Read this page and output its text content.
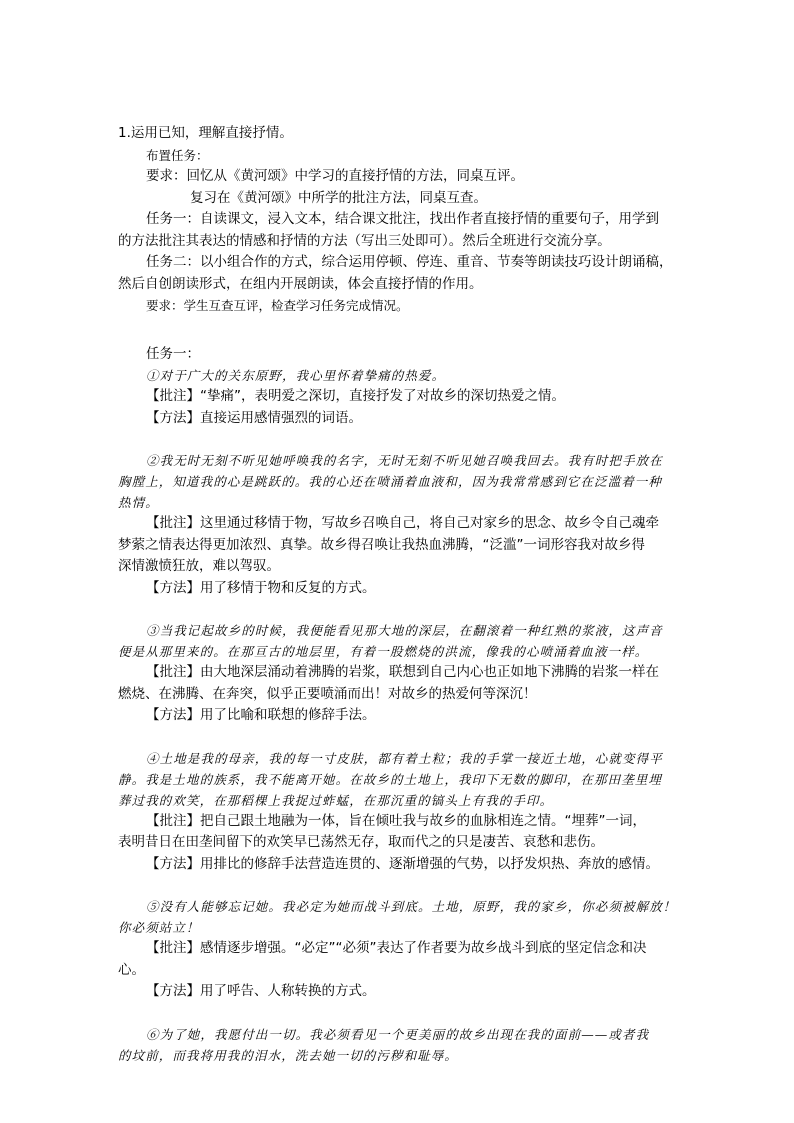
1.运用已知，理解直接抒情。

布置任务：

要求：回忆从《黄河颂》中学习的直接抒情的方法，同桌互评。

复习在《黄河颂》中所学的批注方法，同桌互查。

任务一：自读课文，浸入文本，结合课文批注，找出作者直接抒情的重要句子，用学到

的方法批注其表达的情感和抒情的方法（写出三处即可）。然后全班进行交流分享。

任务二：以小组合作的方式，综合运用停顿、停连、重音、节奏等朗读技巧设计朗诵稿，

然后自创朗读形式，在组内开展朗读，体会直接抒情的作用。

要求：学生互查互评，检查学习任务完成情况。

任务一：

①对于广大的关东原野，我心里怀着挚痛的热爱。

【批注】“挚痛”，表明爱之深切，直接抒发了对故乡的深切热爱之情。

【方法】直接运用感情强烈的词语。

②我无时无刻不听见她呼唤我的名字，无时无刻不听见她召唤我回去。我有时把手放在

胸膛上，知道我的心是跳跃的。我的心还在喷涌着血液和，因为我常常感到它在泛滥着一种

热情。

【批注】这里通过移情于物，写故乡召唤自己，将自己对家乡的思念、故乡令自己魂牵

梦萦之情表达得更加浓烈、真挚。故乡得召唤让我热血沸腾，“泛滥”一词形容我对故乡得

深情激愤狂放，难以驾驭。

【方法】用了移情于物和反复的方式。

③当我记起故乡的时候，我便能看见那大地的深层，在翻滚着一种红熟的浆液，这声音

便是从那里来的。在那亘古的地层里，有着一股燃烧的洪流，像我的心喷涌着血液一样。

【批注】由大地深层涌动着沸腾的岩浆，联想到自己内心也正如地下沸腾的岩浆一样在

燃烧、在沸腾、在奔突，似乎正要喷涌而出！对故乡的热爱何等深沉！

【方法】用了比喻和联想的修辞手法。

④土地是我的母亲，我的每一寸皮肤，都有着土粒；我的手掌一接近土地，心就变得平

静。我是土地的族系，我不能离开她。在故乡的土地上，我印下无数的脚印，在那田垄里埋

葬过我的欢笑，在那稻棵上我捉过蚱蜢，在那沉重的镐头上有我的手印。

【批注】把自己跟土地融为一体，旨在倾吐我与故乡的血脉相连之情。“埋葬”一词，

表明昔日在田垄间留下的欢笑早已荡然无存，取而代之的只是凄苦、哀愁和悲伤。

【方法】用排比的修辞手法营造连贯的、逐渐增强的气势，以抒发炽热、奔放的感情。

⑤没有人能够忘记她。我必定为她而战斗到底。土地，原野，我的家乡，你必须被解放！

你必须站立！

【批注】感情逐步增强。“必定”“必须”表达了作者要为故乡战斗到底的坚定信念和决

心。

【方法】用了呼告、人称转换的方式。

⑥为了她，我愿付出一切。我必须看见一个更美丽的故乡出现在我的面前——或者我

的坟前，而我将用我的泪水，洗去她一切的污秽和耻辱。
